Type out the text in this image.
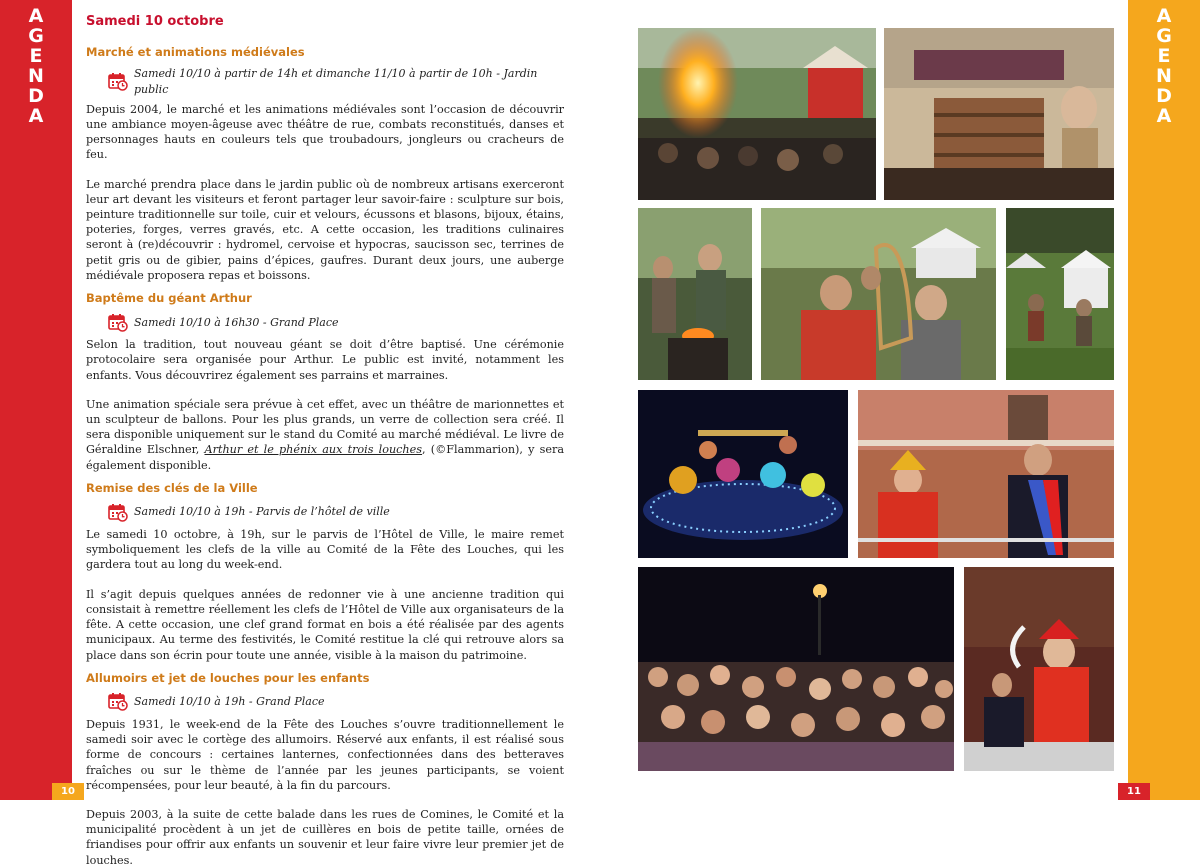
A
G
E
N
D
A
A
G
E
N
D
A
10	11
Samedi 10 octobre
Marché et animations médiévales
Samedi 10/10 à partir de 14h et dimanche 11/10 à partir de 10h - Jardin public

Depuis 2004, le marché et les animations médiévales sont l’occasion de découvrir une ambiance moyen-âgeuse avec théâtre de rue, combats reconstitués, danses et personnages hauts en couleurs tels que troubadours, jongleurs ou cracheurs de feu.

Le marché prendra place dans le jardin public où de nombreux artisans exerceront leur art devant les visiteurs et feront partager leur savoir-faire : sculpture sur bois, peinture traditionnelle sur toile, cuir et velours, écussons et blasons, bijoux, étains, poteries, forges, verres gravés, etc. A cette occasion, les traditions culinaires seront à (re)découvrir : hydromel, cervoise et hypocras, saucisson sec, terrines de petit gris ou de gibier, pains d’épices, gaufres. Durant deux jours, une auberge médiévale proposera repas et boissons.

Baptême du géant Arthur
Samedi 10/10 à 16h30 - Grand Place

Selon la tradition, tout nouveau géant se doit d’être baptisé. Une cérémonie protocolaire sera organisée pour Arthur. Le public est invité, notamment les enfants. Vous découvrirez également ses parrains et marraines.

Une animation spéciale sera prévue à cet effet, avec un théâtre de marionnettes et un sculpteur de ballons. Pour les plus grands, un verre de collection sera créé. Il sera disponible uniquement sur le stand du Comité au marché médiéval. Le livre de Géraldine Elschner, Arthur et le phénix aux trois louches, (©Flammarion), y sera également disponible.

Remise des clés de la Ville
Samedi 10/10 à 19h - Parvis de l’hôtel de ville

Le samedi 10 octobre, à 19h, sur le parvis de l’Hôtel de Ville, le maire remet symboliquement les clefs de la ville au Comité de la Fête des Louches, qui les gardera tout au long du week-end.

Il s’agit depuis quelques années de redonner vie à une ancienne tradition qui consistait à remettre réellement les clefs de l’Hôtel de Ville aux organisateurs de la fête. A cette occasion, une clef grand format en bois a été réalisée par des agents municipaux. Au terme des festivités, le Comité restitue la clé qui retrouve alors sa place dans son écrin pour toute une année, visible à la maison du patrimoine.

Allumoirs et jet de louches pour les enfants
Samedi 10/10 à 19h - Grand Place

Depuis 1931, le week-end de la Fête des Louches s’ouvre traditionnellement le samedi soir avec le cortège des allumoirs. Réservé aux enfants, il est réalisé sous forme de concours : certaines lanternes, confectionnées dans des betteraves fraîches ou sur le thème de l’année par les jeunes participants, se voient récompensées, pour leur beauté, à la fin du parcours.

Depuis 2003, à la suite de cette balade dans les rues de Comines, le Comité et la municipalité procèdent à un jet de cuillères en bois de petite taille, ornées de friandises pour offrir aux enfants un souvenir et leur faire vivre leur premier jet de louches.
